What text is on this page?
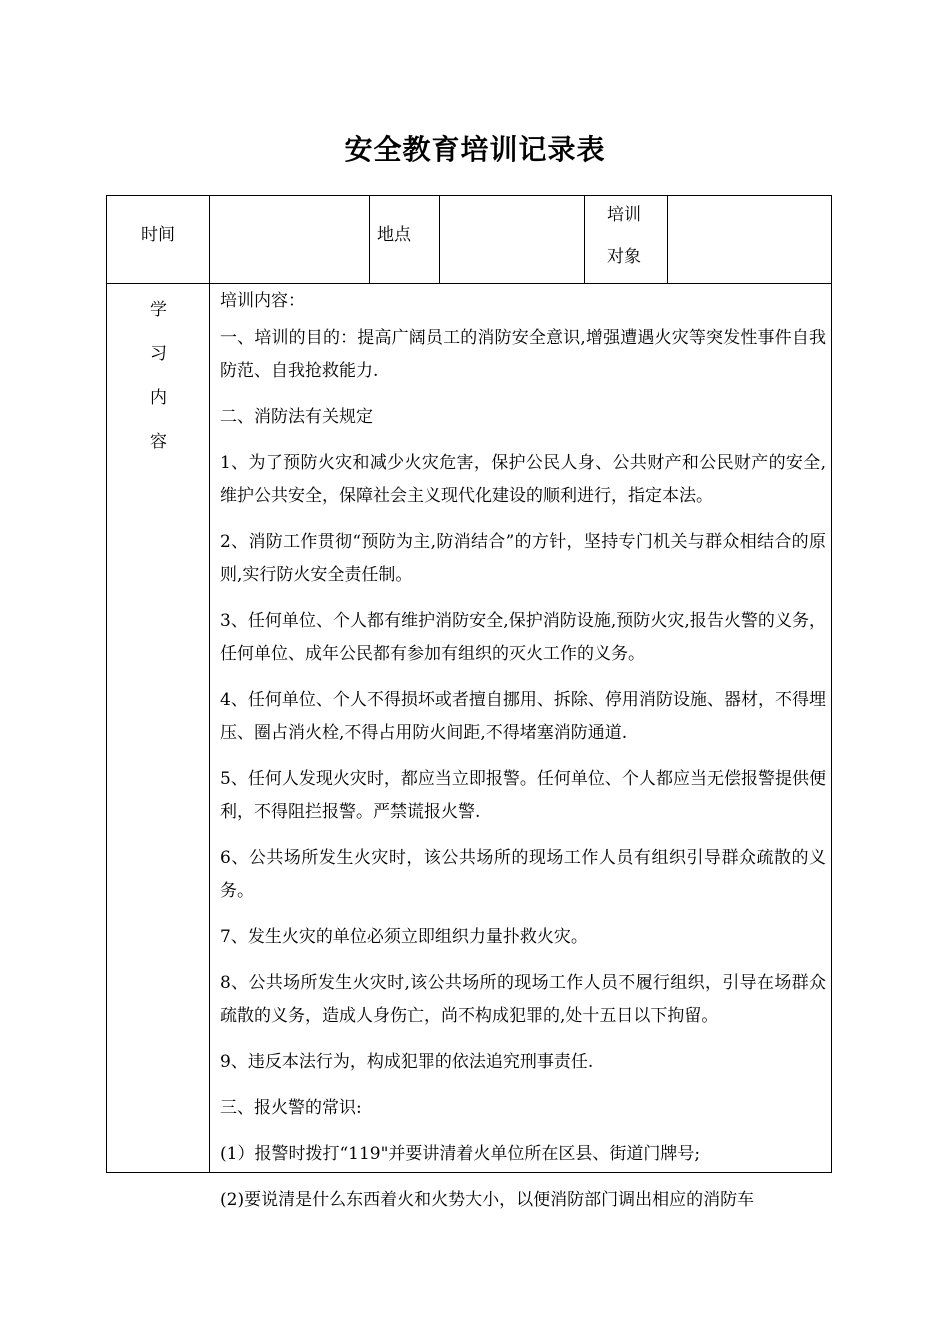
安全教育培训记录表
时间	地点
培训
对象
学
习
内
容

培训内容：

一、培训的目的：提高广阔员工的消防安全意识,增强遭遇火灾等突发性事件自我防范、自我抢救能力.

二、消防法有关规定

1、为了预防火灾和减少火灾危害，保护公民人身、公共财产和公民财产的安全,维护公共安全，保障社会主义现代化建设的顺利进行，指定本法。

2、消防工作贯彻“预防为主,防消结合”的方针，坚持专门机关与群众相结合的原则,实行防火安全责任制。

3、任何单位、个人都有维护消防安全,保护消防设施,预防火灾,报告火警的义务，任何单位、成年公民都有参加有组织的灭火工作的义务。

4、任何单位、个人不得损坏或者擅自挪用、拆除、停用消防设施、器材，不得埋压、圈占消火栓,不得占用防火间距,不得堵塞消防通道.

5、任何人发现火灾时，都应当立即报警。任何单位、个人都应当无偿报警提供便利，不得阻拦报警。严禁谎报火警.

6、公共场所发生火灾时，该公共场所的现场工作人员有组织引导群众疏散的义务。

7、发生火灾的单位必须立即组织力量扑救火灾。

8、公共场所发生火灾时,该公共场所的现场工作人员不履行组织，引导在场群众疏散的义务，造成人身伤亡，尚不构成犯罪的,处十五日以下拘留。

9、违反本法行为，构成犯罪的依法追究刑事责任.

三、报火警的常识:

(1）报警时拨打“119"并要讲清着火单位所在区县、街道门牌号;

(2)要说清是什么东西着火和火势大小，以便消防部门调出相应的消防车
